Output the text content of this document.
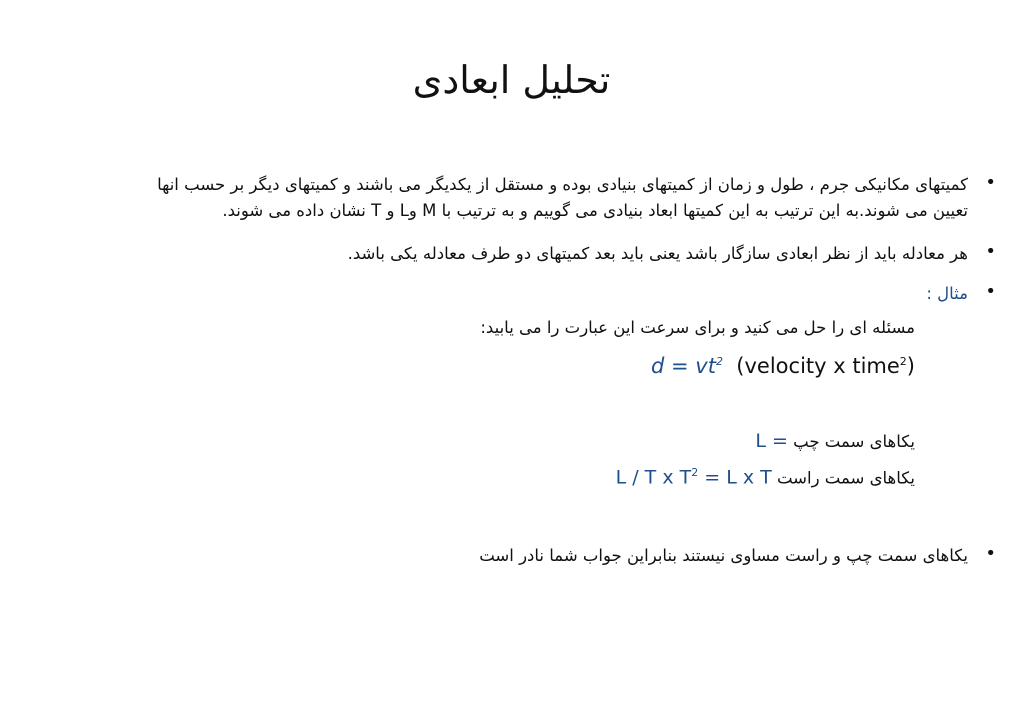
تحلیل ابعادی
•
کمیتهای مکانیکی جرم ، طول و زمان از کمیتهای بنیادی بوده و مستقل از یکدیگر می باشند و کمیتهای دیگر بر حسب انها
تعیین می شوند.به این ترتیب به این کمیتها ابعاد بنیادی می گوییم و به ترتیب با M وL و T نشان داده می شوند.
•
هر معادله باید از نظر ابعادی سازگار باشد یعنی باید بعد کمیتهای دو طرف معادله یکی باشد.
•
مثال :
مسئله ای را حل می کنید و برای سرعت این عبارت را می یابید:
$d = vt^2$ (velocity x time$^2$)
یکاهای سمت چپ L =
یکاهای سمت راست L / T x $T^2 = L$ x T
•
یکاهای سمت چپ و راست مساوی نیستند بنابراین جواب شما نادر است
